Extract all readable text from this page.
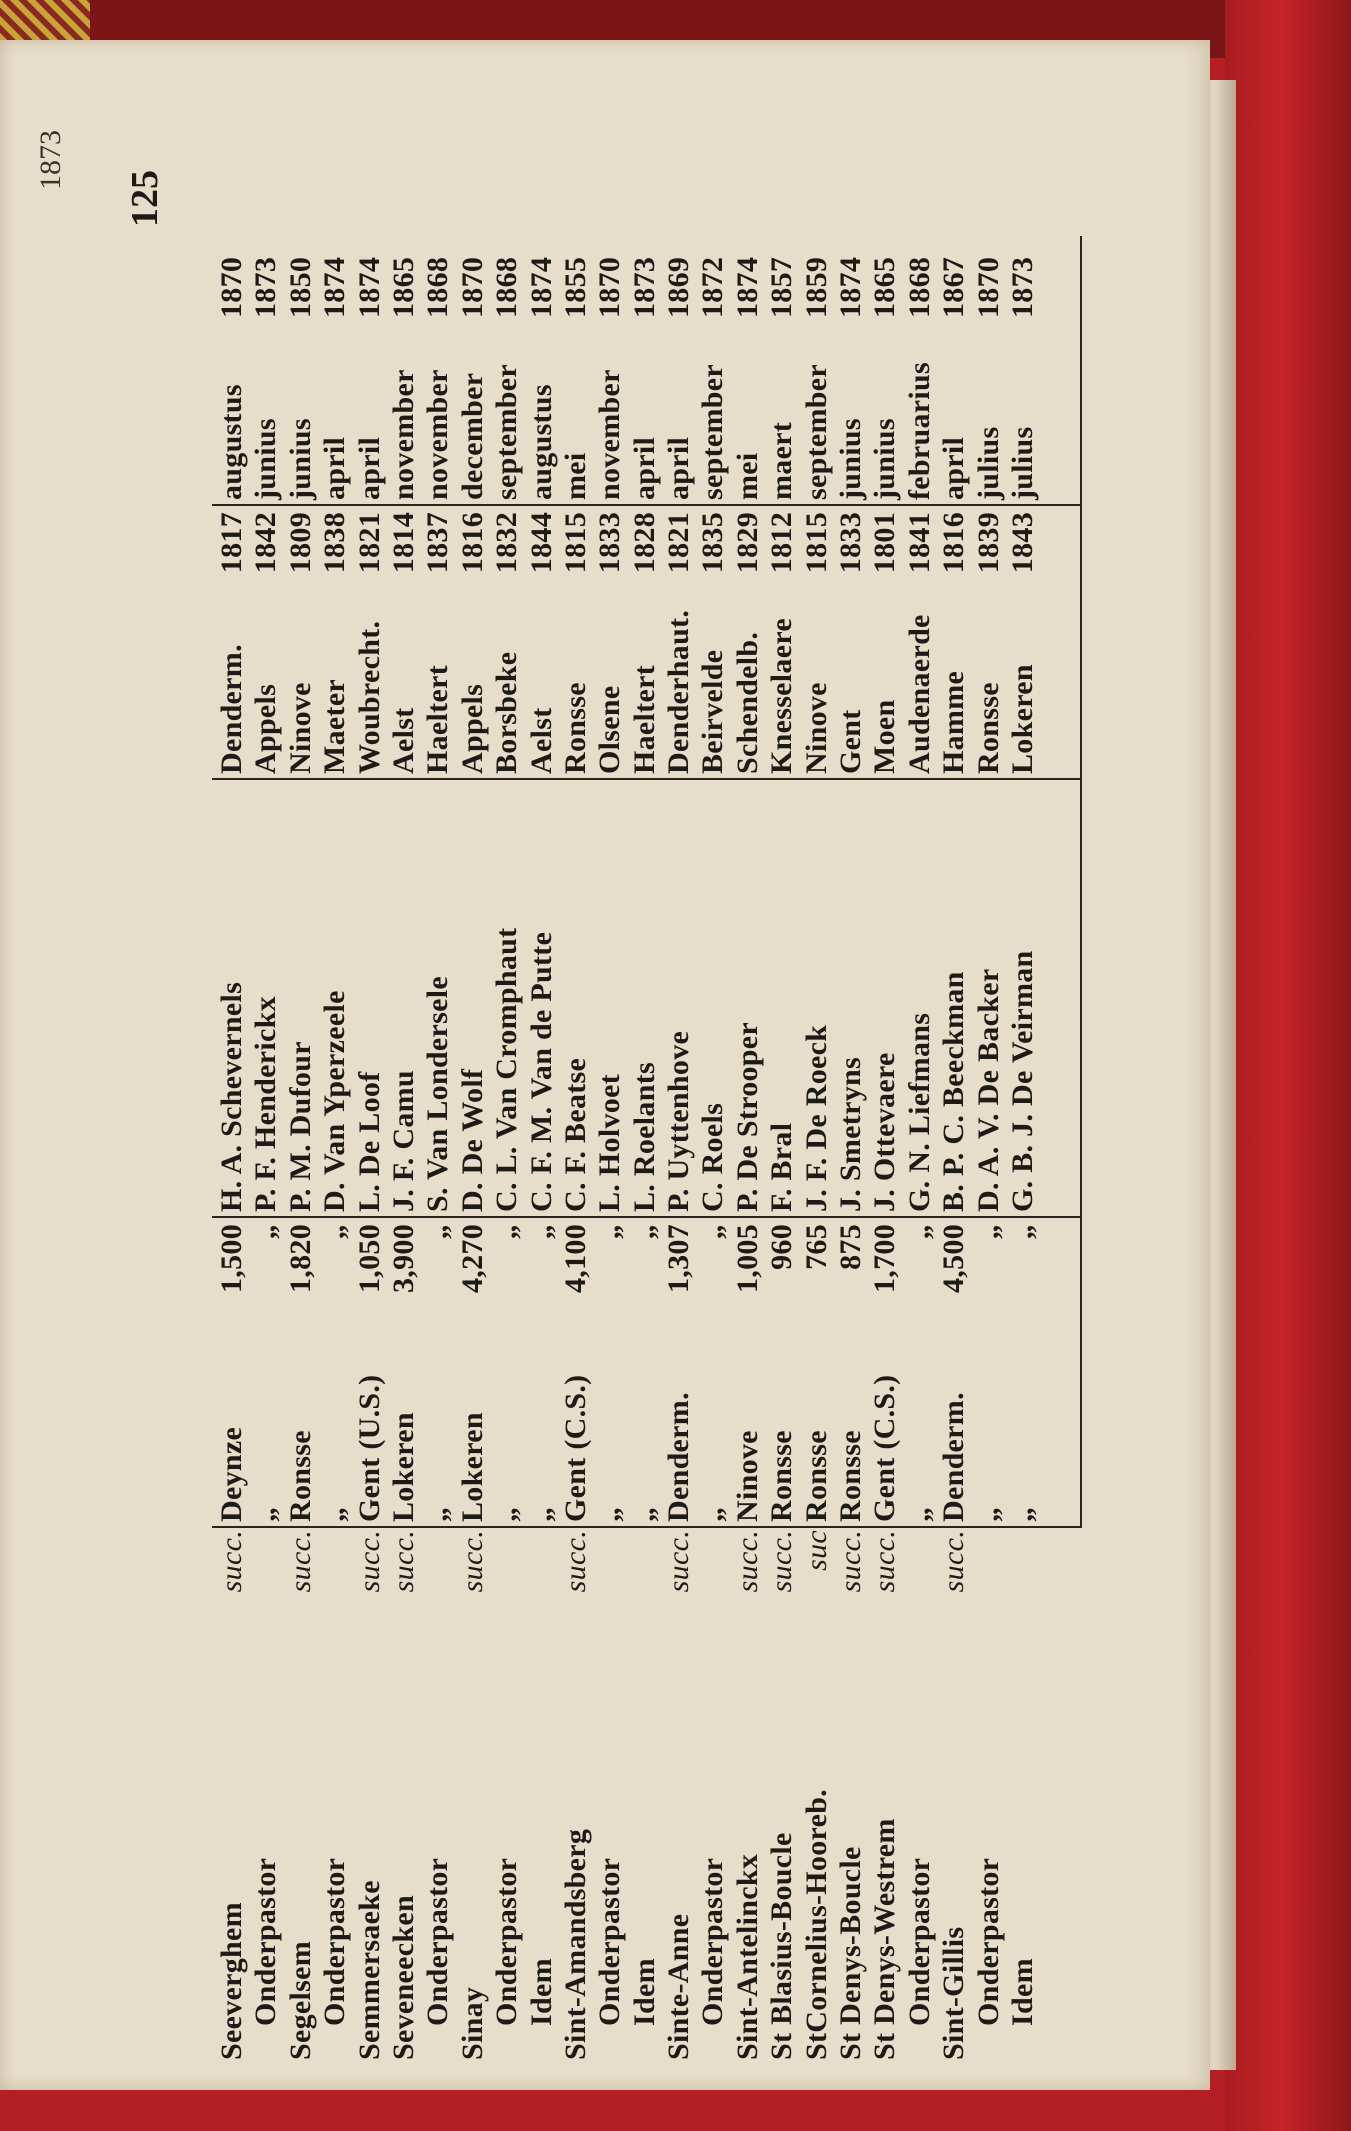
1873
125
Seeverghem
succ.
Deynze
1,500
H. A. Schevernels
Denderm.
1817
augustus
1870
Onderpastor
„
„
P. F. Henderickx
Appels
1842
junius
1873
Segelsem
succ.
Ronsse
1,820
P. M. Dufour
Ninove
1809
junius
1850
Onderpastor
„
„
D. Van Yperzeele
Maeter
1838
april
1874
Semmersaeke
succ.
Gent (U.S.)
1,050
L. De Loof
Woubrecht.
1821
april
1874
Seveneecken
succ.
Lokeren
3,900
J. F. Camu
Aelst
1814
november
1865
Onderpastor
„
„
S. Van Londersele
Haeltert
1837
november
1868
Sinay
succ.
Lokeren
4,270
D. De Wolf
Appels
1816
december
1870
Onderpastor
„
„
C. L. Van Cromphaut
Borsbeke
1832
september
1868
Idem
„
„
C. F. M. Van de Putte
Aelst
1844
augustus
1874
Sint-Amandsberg
succ.
Gent (C.S.)
4,100
C. F. Beatse
Ronsse
1815
mei
1855
Onderpastor
„
„
L. Holvoet
Olsene
1833
november
1870
Idem
„
„
L. Roelants
Haeltert
1828
april
1873
Sinte-Anne
succ.
Denderm.
1,307
P. Uyttenhove
Denderhaut.
1821
april
1869
Onderpastor
„
„
C. Roels
Beirvelde
1835
september
1872
Sint-Antelinckx
succ.
Ninove
1,005
P. De Strooper
Schendelb.
1829
mei
1874
St Blasius-Boucle
succ.
Ronsse
960
F. Bral
Knesselaere
1812
maert
1857
StCornelius-Hooreb.
suc
Ronsse
765
J. F. De Roeck
Ninove
1815
september
1859
St Denys-Boucle
succ.
Ronsse
875
J. Smetryns
Gent
1833
junius
1874
St Denys-Westrem
succ.
Gent (C.S.)
1,700
J. Ottevaere
Moen
1801
junius
1865
Onderpastor
„
„
G. N. Liefmans
Audenaerde
1841
februarius
1868
Sint-Gillis
succ.
Denderm.
4,500
B. P. C. Beeckman
Hamme
1816
april
1867
Onderpastor
„
„
D. A. V. De Backer
Ronsse
1839
julius
1870
Idem
„
„
G. B. J. De Veirman
Lokeren
1843
julius
1873
